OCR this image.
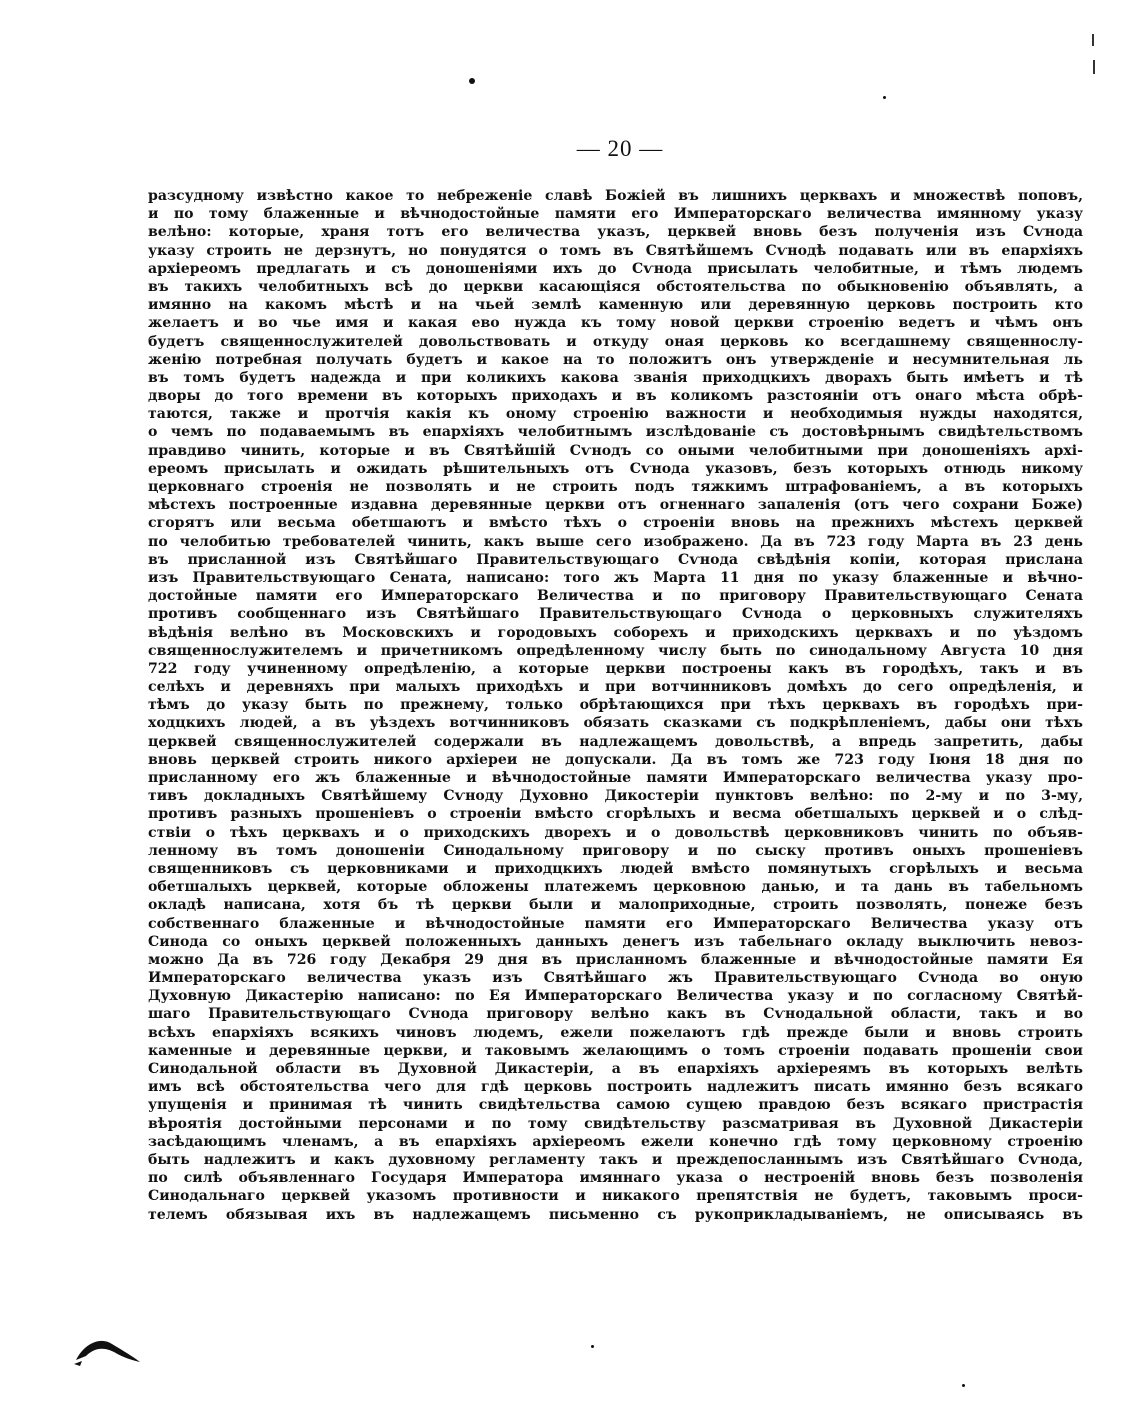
— 20 —
разсудному извѣстно какое то небреженіе славѣ Божіей въ лишнихъ церквахъ и множествѣ поповъ,
и по тому блаженные и вѣчнодостойные памяти его Императорскаго величества имянному указу
велѣно: которые, храня тотъ его величества указъ, церквей вновь безъ полученія изъ Сѵнода
указу строить не дерзнутъ, но понудятся о томъ въ Святѣйшемъ Сѵнодѣ подавать или въ епархіяхъ
архіереомъ предлагать и съ доношеніями ихъ до Сѵнода присылать челобитные, и тѣмъ людемъ
въ такихъ челобитныхъ всѣ до церкви касающіяся обстоятельства по обыкновенію объявлять, а
имянно на какомъ мѣстѣ и на чьей землѣ каменную или деревянную церковь построить кто
желаетъ и во чье имя и какая ево нужда къ тому новой церкви строенію ведетъ и чѣмъ онъ
будетъ священнослужителей довольствовать и откуду оная церковь ко всегдашнему священнослу-
женію потребная получать будетъ и какое на то положитъ онъ утвержденіе и несумнительная ль
въ томъ будетъ надежда и при коликихъ какова званія приходцкихъ дворахъ быть имѣетъ и тѣ
дворы до того времени въ которыхъ приходахъ и въ коликомъ разстояніи отъ онаго мѣста обрѣ-
таются, также и протчія какія къ оному строенію важности и необходимыя нужды находятся,
о чемъ по подаваемымъ въ епархіяхъ челобитнымъ изслѣдованіе съ достовѣрнымъ свидѣтельствомъ
правдиво чинить, которые и въ Святѣйшій Сѵнодъ со оными челобитными при доношеніяхъ архі-
ереомъ присылать и ожидать рѣшительныхъ отъ Сѵнода указовъ, безъ которыхъ отнюдь никому
церковнаго строенія не позволять и не строить подъ тяжкимъ штрафованіемъ, а въ которыхъ
мѣстехъ построенные издавна деревянные церкви отъ огненнаго запаленія (отъ чего сохрани Боже)
сгорятъ или весьма обетшаютъ и вмѣсто тѣхъ о строеніи вновь на прежнихъ мѣстехъ церквей
по челобитью требователей чинить, какъ выше сего изображено. Да въ 723 году Марта въ 23 день
въ присланной изъ Святѣйшаго Правительствующаго Сѵнода свѣдѣнія копіи, которая прислана
изъ Правительствующаго Сената, написано: того жъ Марта 11 дня по указу блаженные и вѣчно-
достойные памяти его Императорскаго Величества и по приговору Правительствующаго Сената
противъ сообщеннаго изъ Святѣйшаго Правительствующаго Сѵнода о церковныхъ служителяхъ
вѣдѣнія велѣно въ Московскихъ и городовыхъ соборехъ и приходскихъ церквахъ и по уѣздомъ
священнослужителемъ и причетникомъ опредѣленному числу быть по синодальному Августа 10 дня
722 году учиненному опредѣленію, а которые церкви построены какъ въ городѣхъ, такъ и въ
селѣхъ и деревняхъ при малыхъ приходѣхъ и при вотчинниковъ домѣхъ до сего опредѣленія, и
тѣмъ до указу быть по прежнему, только обрѣтающихся при тѣхъ церквахъ въ городѣхъ при-
ходцкихъ людей, а въ уѣздехъ вотчинниковъ обязать сказками съ подкрѣпленіемъ, дабы они тѣхъ
церквей священнослужителей содержали въ надлежащемъ довольствѣ, а впредь запретить, дабы
вновь церквей строить никого архіереи не допускали. Да въ томъ же 723 году Іюня 18 дня по
присланному его жъ блаженные и вѣчнодостойные памяти Императорскаго величества указу про-
тивъ докладныхъ Святѣйшему Сѵноду Духовно Дикостеріи пунктовъ велѣно: по 2-му и по 3-му,
противъ разныхъ прошеніевъ о строеніи вмѣсто сгорѣлыхъ и весма обетшалыхъ церквей и о слѣд-
ствіи о тѣхъ церквахъ и о приходскихъ дворехъ и о довольствѣ церковниковъ чинить по объяв-
ленному въ томъ доношеніи Синодальному приговору и по сыску противъ оныхъ прошеніевъ
священниковъ съ церковниками и приходцкихъ людей вмѣсто помянутыхъ сгорѣлыхъ и весьма
обетшалыхъ церквей, которые обложены платежемъ церковною данью, и та дань въ табельномъ
окладѣ написана, хотя бъ тѣ церкви были и малоприходные, строить позволять, понеже безъ
собственнаго блаженные и вѣчнодостойные памяти его Императорскаго Величества указу отъ
Синода со оныхъ церквей положенныхъ данныхъ денегъ изъ табельнаго окладу выключить невоз-
можно Да въ 726 году Декабря 29 дня въ присланномъ блаженные и вѣчнодостойные памяти Ея
Императорскаго величества указъ изъ Святѣйшаго жъ Правительствующаго Сѵнода во оную
Духовную Дикастерію написано: по Ея Императорскаго Величества указу и по согласному Святѣй-
шаго Правительствующаго Сѵнода приговору велѣно какъ въ Сѵнодальной области, такъ и во
всѣхъ епархіяхъ всякихъ чиновъ людемъ, ежели пожелаютъ гдѣ прежде были и вновь строить
каменные и деревянные церкви, и таковымъ желающимъ о томъ строеніи подавать прошеніи свои
Синодальной области въ Духовной Дикастеріи, а въ епархіяхъ архіереямъ въ которыхъ велѣть
имъ всѣ обстоятельства чего для гдѣ церковь построить надлежитъ писать имянно безъ всякаго
упущенія и принимая тѣ чинить свидѣтельства самою сущею правдою безъ всякаго пристрастія
вѣроятія достойными персонами и по тому свидѣтельству разсматривая въ Духовной Дикастеріи
засѣдающимъ членамъ, а въ епархіяхъ архіереомъ ежели конечно гдѣ тому церковному строенію
быть надлежитъ и какъ духовному регламенту такъ и преждепосланнымъ изъ Святѣйшаго Сѵнода,
по силѣ объявленнаго Государя Императора имяннаго указа о нестроеній вновь безъ позволенія
Синодальнаго церквей указомъ противности и никакого препятствія не будетъ, таковымъ проси-
телемъ обязывая ихъ въ надлежащемъ письменно съ рукоприкладываніемъ, не описываясь въ
